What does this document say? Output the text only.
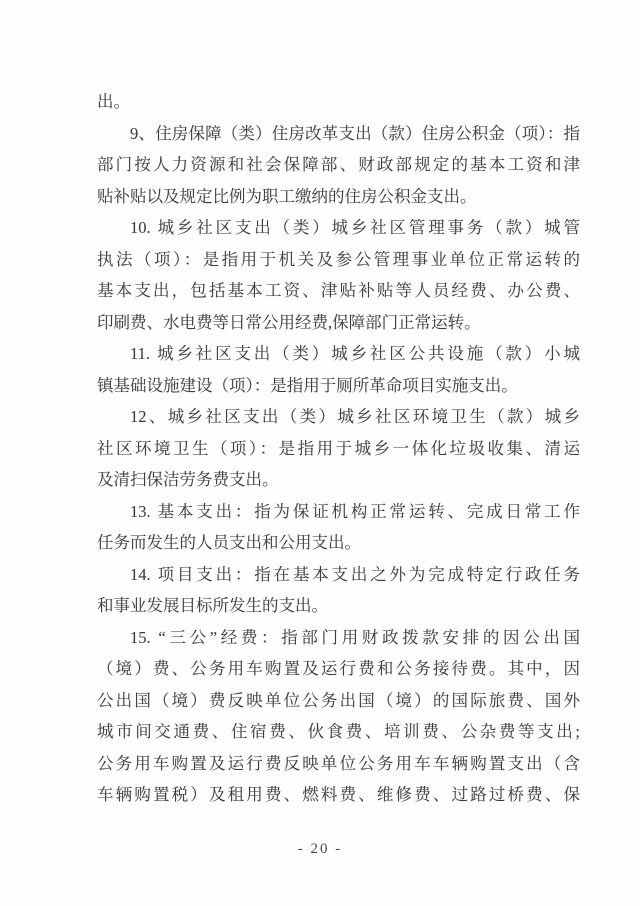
出。
9、住房保障（类）住房改革支出（款）住房公积金（项）：指
部门按人力资源和社会保障部、财政部规定的基本工资和津
贴补贴以及规定比例为职工缴纳的住房公积金支出。
10. 城乡社区支出（类）城乡社区管理事务（款）城管
执法（项）：是指用于机关及参公管理事业单位正常运转的
基本支出，包括基本工资、津贴补贴等人员经费、办公费、
印刷费、水电费等日常公用经费,保障部门正常运转。
11. 城乡社区支出（类）城乡社区公共设施（款）小城
镇基础设施建设（项）：是指用于厕所革命项目实施支出。
12、城乡社区支出（类）城乡社区环境卫生（款）城乡
社区环境卫生（项）：是指用于城乡一体化垃圾收集、清运
及清扫保洁劳务费支出。
13. 基本支出：指为保证机构正常运转、完成日常工作
任务而发生的人员支出和公用支出。
14. 项目支出：指在基本支出之外为完成特定行政任务
和事业发展目标所发生的支出。
15. “三公”经费：指部门用财政拨款安排的因公出国
（境）费、公务用车购置及运行费和公务接待费。其中，因
公出国（境）费反映单位公务出国（境）的国际旅费、国外
城市间交通费、住宿费、伙食费、培训费、公杂费等支出;
公务用车购置及运行费反映单位公务用车车辆购置支出（含
车辆购置税）及租用费、燃料费、维修费、过路过桥费、保
- 20 -
